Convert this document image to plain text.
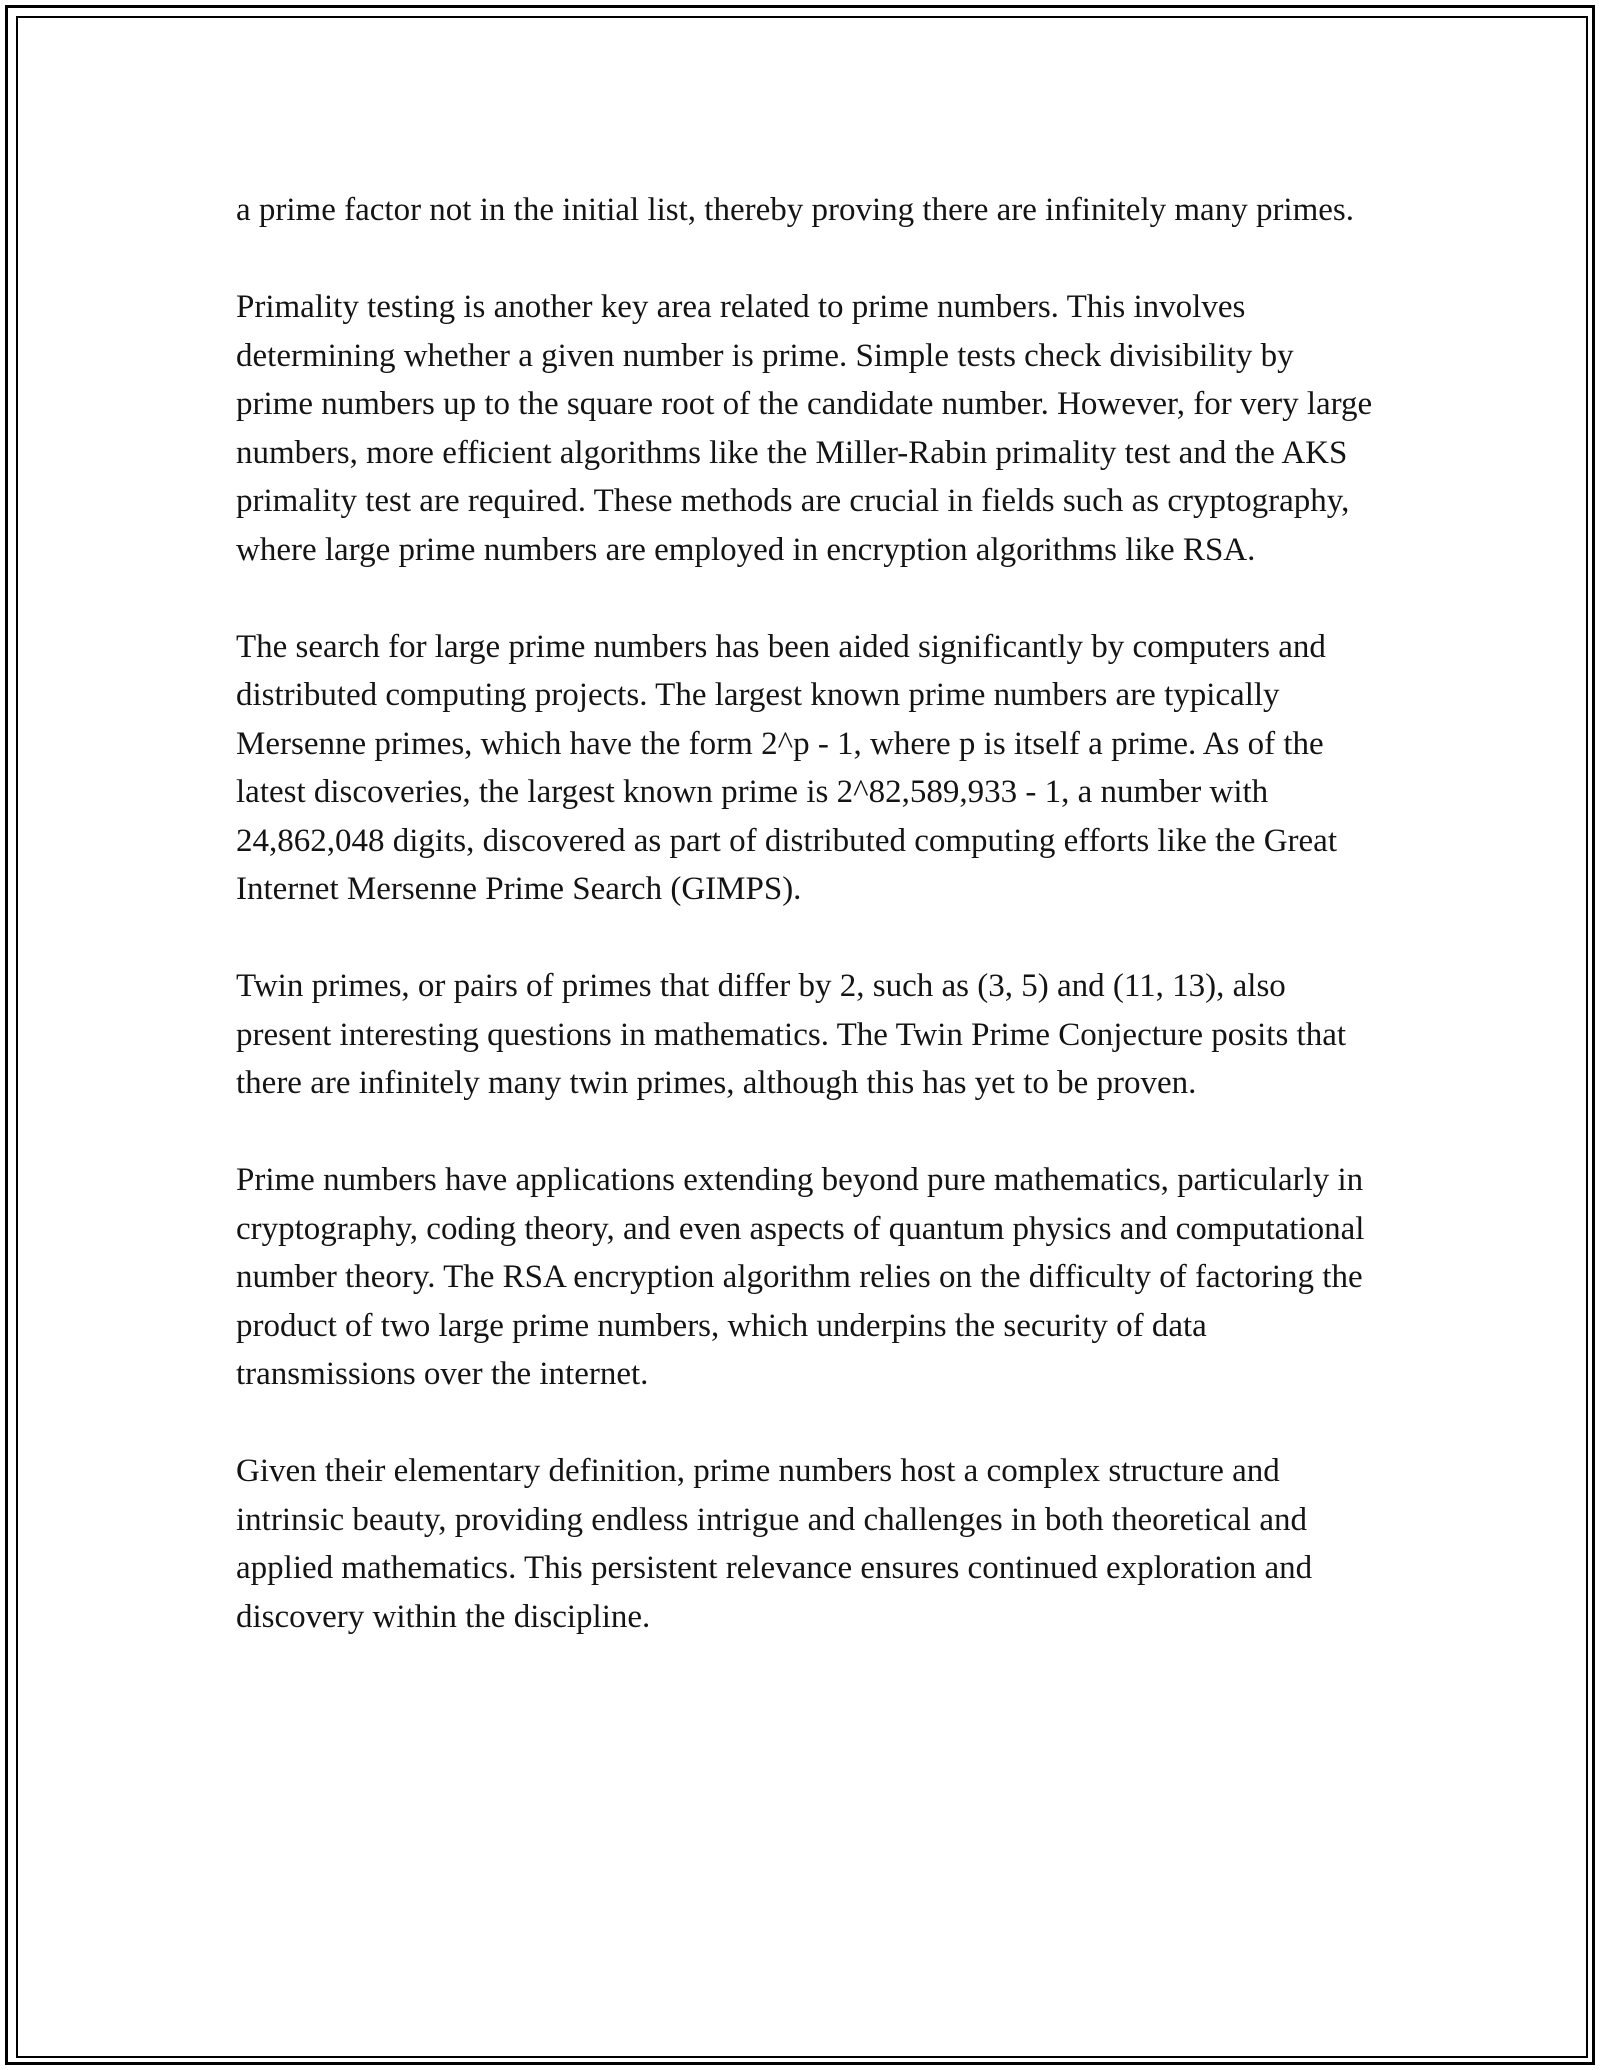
a prime factor not in the initial list, thereby proving there are infinitely many primes.

Primality testing is another key area related to prime numbers. This involves determining whether a given number is prime. Simple tests check divisibility by prime numbers up to the square root of the candidate number. However, for very large numbers, more efficient algorithms like the Miller-Rabin primality test and the AKS primality test are required. These methods are crucial in fields such as cryptography, where large prime numbers are employed in encryption algorithms like RSA.

The search for large prime numbers has been aided significantly by computers and distributed computing projects. The largest known prime numbers are typically Mersenne primes, which have the form 2^p - 1, where p is itself a prime. As of the latest discoveries, the largest known prime is 2^82,589,933 - 1, a number with 24,862,048 digits, discovered as part of distributed computing efforts like the Great Internet Mersenne Prime Search (GIMPS).

Twin primes, or pairs of primes that differ by 2, such as (3, 5) and (11, 13), also present interesting questions in mathematics. The Twin Prime Conjecture posits that there are infinitely many twin primes, although this has yet to be proven.

Prime numbers have applications extending beyond pure mathematics, particularly in cryptography, coding theory, and even aspects of quantum physics and computational number theory. The RSA encryption algorithm relies on the difficulty of factoring the product of two large prime numbers, which underpins the security of data transmissions over the internet.

Given their elementary definition, prime numbers host a complex structure and intrinsic beauty, providing endless intrigue and challenges in both theoretical and applied mathematics. This persistent relevance ensures continued exploration and discovery within the discipline.
